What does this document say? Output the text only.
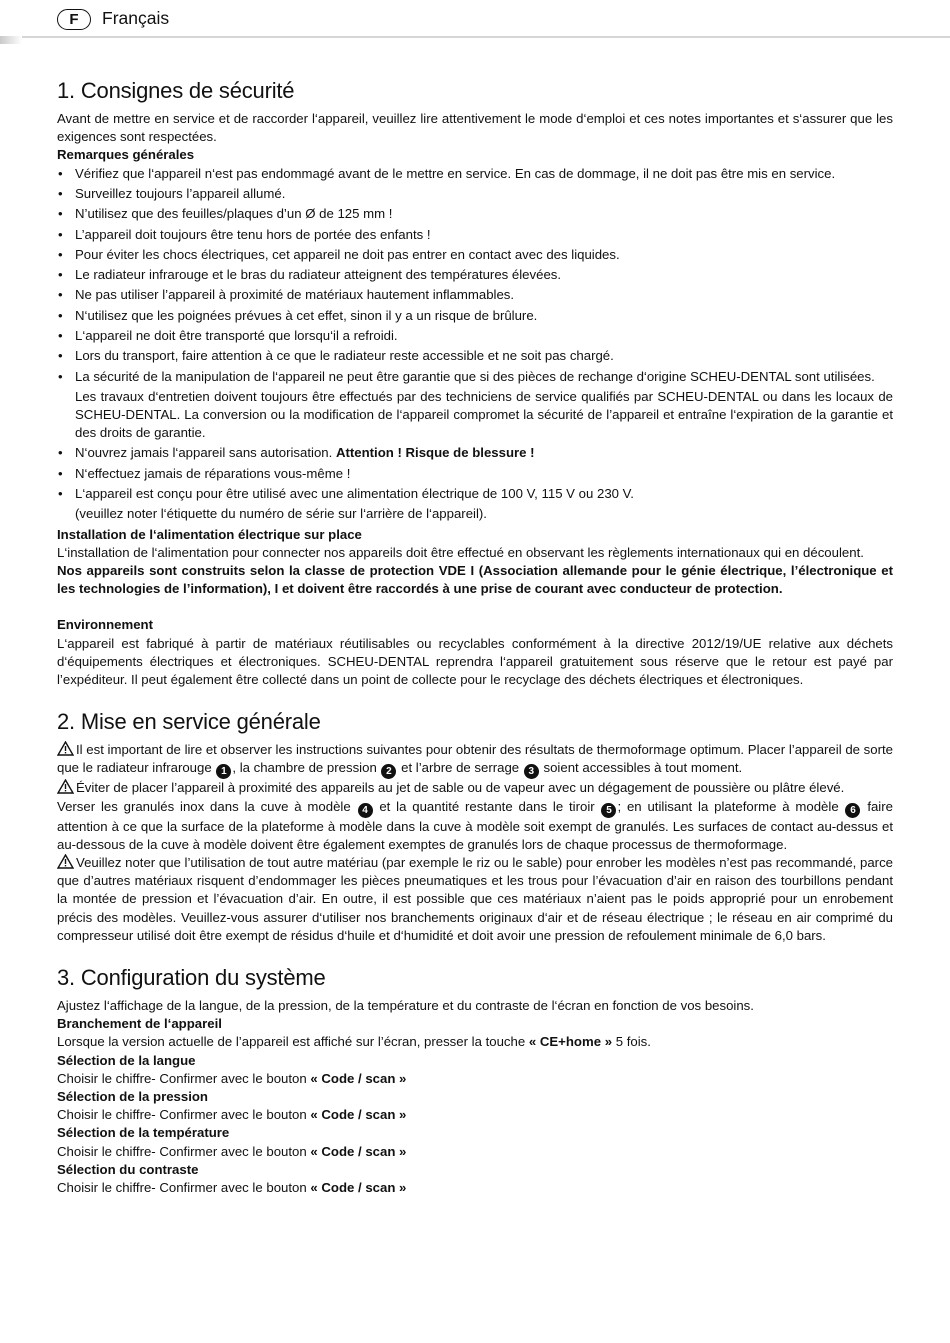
F	Français
1. Consignes de sécurité

Avant de mettre en service et de raccorder l‘appareil, veuillez lire attentivement le mode d‘emploi et ces notes importantes et s‘assurer que les exigences sont respectées.

Remarques générales
• Vérifiez que l‘appareil n‘est pas endommagé avant de le mettre en service. En cas de dommage, il ne doit pas être mis en service.
• Surveillez toujours l’appareil allumé.
• N’utilisez que des feuilles/plaques d’un Ø de 125 mm !
• L’appareil doit toujours être tenu hors de portée des enfants !
• Pour éviter les chocs électriques, cet appareil ne doit pas entrer en contact avec des liquides.
• Le radiateur infrarouge et le bras du radiateur atteignent des températures élevées.
• Ne pas utiliser l’appareil à proximité de matériaux hautement inflammables.
• N‘utilisez que les poignées prévues à cet effet, sinon il y a un risque de brûlure.
• L‘appareil ne doit être transporté que lorsqu‘il a refroidi.
• Lors du transport, faire attention à ce que le radiateur reste accessible et ne soit pas chargé.
• La sécurité de la manipulation de l‘appareil ne peut être garantie que si des pièces de rechange d‘origine SCHEU-DENTAL sont utilisées.
Les travaux d‘entretien doivent toujours être effectués par des techniciens de service qualifiés par SCHEU-DENTAL ou dans les locaux de SCHEU-DENTAL. La conversion ou la modification de l‘appareil compromet la sécurité de l’appareil et entraîne l‘expiration de la garantie et des droits de garantie.
• N‘ouvrez jamais l‘appareil sans autorisation. Attention ! Risque de blessure !
• N‘effectuez jamais de réparations vous-même !
• L‘appareil est conçu pour être utilisé avec une alimentation électrique de 100 V, 115 V ou 230 V.
(veuillez noter l‘étiquette du numéro de série sur l‘arrière de l‘appareil).
Installation de l‘alimentation électrique sur place

L‘installation de l‘alimentation pour connecter nos appareils doit être effectué en observant les règlements internationaux qui en découlent.

Nos appareils sont construits selon la classe de protection VDE I (Association allemande pour le génie électrique, l’électronique et les technologies de l’information), I et doivent être raccordés à une prise de courant avec conducteur de protection.

Environnement

L‘appareil est fabriqué à partir de matériaux réutilisables ou recyclables conformément à la directive 2012/19/UE relative aux déchets d‘équipements électriques et électroniques. SCHEU-DENTAL reprendra l‘appareil gratuitement sous réserve que le retour est payé par l’expéditeur. Il peut également être collecté dans un point de collecte pour le recyclage des déchets électriques et électroniques.

2. Mise en service générale

Il est important de lire et observer les instructions suivantes pour obtenir des résultats de thermoformage optimum. Placer l’appareil de sorte que le radiateur infrarouge 1 , la chambre de pression 2 et l’arbre de serrage 3 soient accessibles à tout moment.

Éviter de placer l’appareil à proximité des appareils au jet de sable ou de vapeur avec un dégagement de poussière ou plâtre élevé.

Verser les granulés inox dans la cuve à modèle 4 et la quantité restante dans le tiroir 5 ; en utilisant la plateforme à modèle 6 faire attention à ce que la surface de la plateforme à modèle dans la cuve à modèle soit exempt de granulés. Les surfaces de contact au-dessus et au-dessous de la cuve à modèle doivent être également exemptes de granulés lors de chaque processus de thermoformage.

Veuillez noter que l’utilisation de tout autre matériau (par exemple le riz ou le sable) pour enrober les modèles n’est pas recommandé, parce que d’autres matériaux risquent d’endommager les pièces pneumatiques et les trous pour l’évacuation d’air en raison des tourbillons pendant la montée de pression et l’évacuation d’air. En outre, il est possible que ces matériaux n’aient pas le poids approprié pour un enrobement précis des modèles. Veuillez-vous assurer d‘utiliser nos branchements originaux d‘air et de réseau électrique ; le réseau en air comprimé du compresseur utilisé doit être exempt de résidus d‘huile et d‘humidité et doit avoir une pression de refoulement minimale de 6,0 bars.

3. Configuration du système

Ajustez l‘affichage de la langue, de la pression, de la température et du contraste de l‘écran en fonction de vos besoins.

Branchement de l‘appareil

Lorsque la version actuelle de l’appareil est affiché sur l’écran, presser la touche « CE+home » 5 fois.

Sélection de la langue

Choisir le chiffre- Confirmer avec le bouton « Code / scan »

Sélection de la pression

Choisir le chiffre- Confirmer avec le bouton « Code / scan »

Sélection de la température

Choisir le chiffre- Confirmer avec le bouton « Code / scan »

Sélection du contraste

Choisir le chiffre- Confirmer avec le bouton « Code / scan »
